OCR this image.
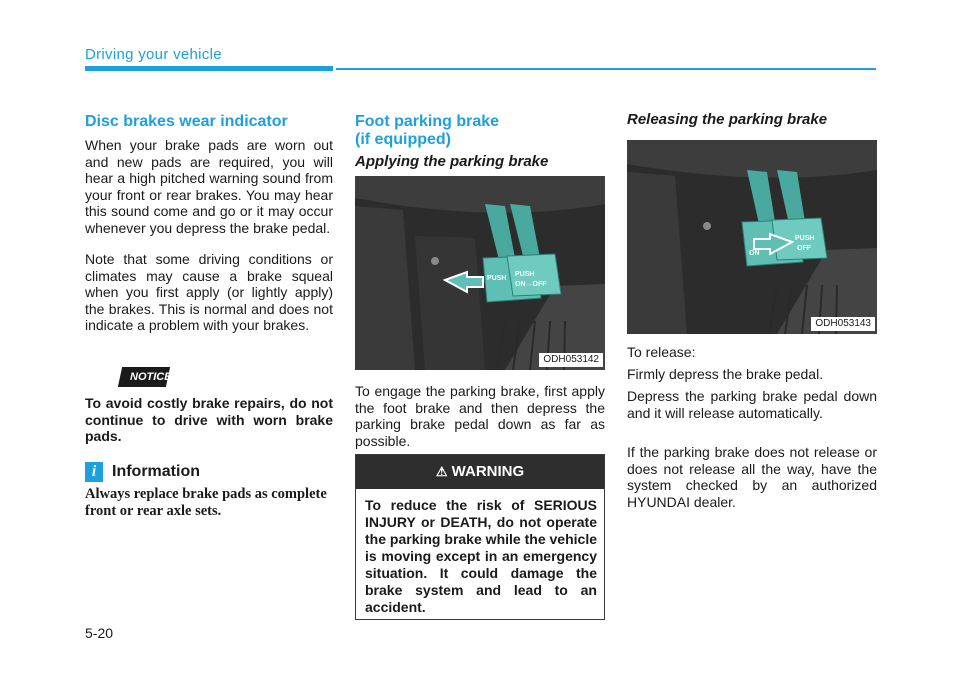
Driving your vehicle
Disc brakes wear indicator
When your brake pads are worn out and new pads are required, you will hear a high pitched warning sound from your front or rear brakes. You may hear this sound come and go or it may occur whenever you depress the brake pedal.
Note that some driving conditions or climates may cause a brake squeal when you first apply (or lightly apply) the brakes. This is normal and does not indicate a problem with your brakes.
NOTICE
To avoid costly brake repairs, do not continue to drive with worn brake pads.
i Information
Always replace brake pads as complete front or rear axle sets.
Foot parking brake
(if equipped)
Applying the parking brake
PUSH
PUSH
ON→OFF
ODH053142
To engage the parking brake, first apply the foot brake and then depress the parking brake pedal down as far as possible.
⚠ WARNING
To reduce the risk of SERIOUS INJURY or DEATH, do not operate the parking brake while the vehicle is moving except in an emergency situation. It could damage the brake system and lead to an accident.
Releasing the parking brake
ON
PUSH
OFF
ODH053143
To release:
Firmly depress the brake pedal.
Depress the parking brake pedal down and it will release automatically.
If the parking brake does not release or does not release all the way, have the system checked by an authorized HYUNDAI dealer.
5-20
